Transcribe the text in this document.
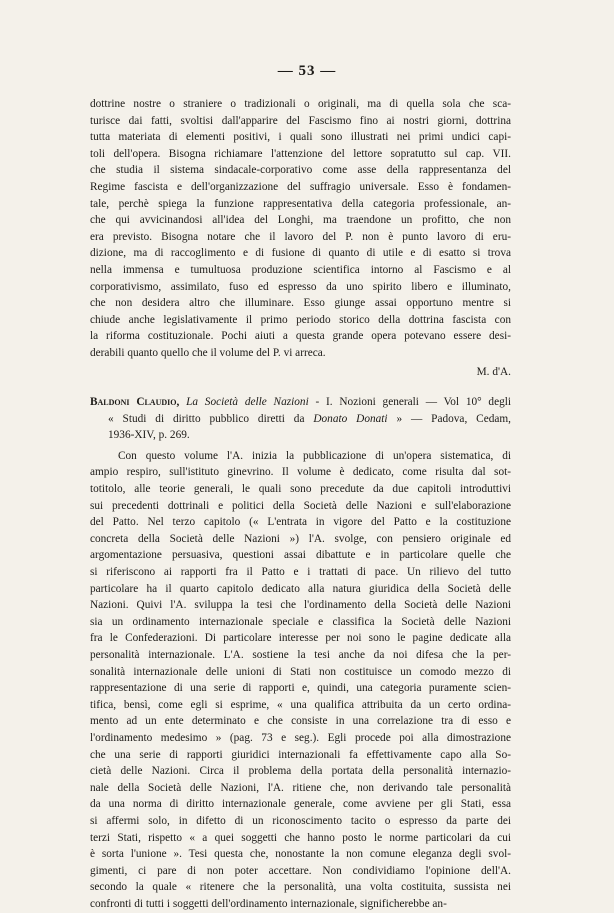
— 53 —
dottrine nostre o straniere o tradizionali o originali, ma di quella sola che sca-
turisce dai fatti, svoltisi dall'apparire del Fascismo fino ai nostri giorni, dottrina
tutta materiata di elementi positivi, i quali sono illustrati nei primi undici capi-
toli dell'opera. Bisogna richiamare l'attenzione del lettore sopratutto sul cap. VII.
che studia il sistema sindacale-corporativo come asse della rappresentanza del
Regime fascista e dell'organizzazione del suffragio universale. Esso è fondamen-
tale, perchè spiega la funzione rappresentativa della categoria professionale, an-
che qui avvicinandosi all'idea del Longhi, ma traendone un profitto, che non
era previsto. Bisogna notare che il lavoro del P. non è punto lavoro di eru-
dizione, ma di raccoglimento e di fusione di quanto di utile e di esatto si trova
nella immensa e tumultuosa produzione scientifica intorno al Fascismo e al
corporativismo, assimilato, fuso ed espresso da uno spirito libero e illuminato,
che non desidera altro che illuminare. Esso giunge assai opportuno mentre si
chiude anche legislativamente il primo periodo storico della dottrina fascista con
la riforma costituzionale. Pochi aiuti a questa grande opera potevano essere desi-
derabili quanto quello che il volume del P. vi arreca.
M. d'A.
Baldoni Claudio, La Società delle Nazioni - I. Nozioni generali — Vol 10° degli
« Studi di diritto pubblico diretti da Donato Donati » — Padova, Cedam,
1936-XIV, p. 269.
Con questo volume l'A. inizia la pubblicazione di un'opera sistematica, di
ampio respiro, sull'istituto ginevrino. Il volume è dedicato, come risulta dal sot-
totitolo, alle teorie generali, le quali sono precedute da due capitoli introduttivi
sui precedenti dottrinali e politici della Società delle Nazioni e sull'elaborazione
del Patto. Nel terzo capitolo (« L'entrata in vigore del Patto e la costituzione
concreta della Società delle Nazioni ») l'A. svolge, con pensiero originale ed
argomentazione persuasiva, questioni assai dibattute e in particolare quelle che
si riferiscono ai rapporti fra il Patto e i trattati di pace. Un rilievo del tutto
particolare ha il quarto capitolo dedicato alla natura giuridica della Società delle
Nazioni. Quivi l'A. sviluppa la tesi che l'ordinamento della Società delle Nazioni
sia un ordinamento internazionale speciale e classifica la Società delle Nazioni
fra le Confederazioni. Di particolare interesse per noi sono le pagine dedicate alla
personalità internazionale. L'A. sostiene la tesi anche da noi difesa che la per-
sonalità internazionale delle unioni di Stati non costituisce un comodo mezzo di
rappresentazione di una serie di rapporti e, quindi, una categoria puramente scien-
tifica, bensì, come egli si esprime, « una qualifica attribuita da un certo ordina-
mento ad un ente determinato e che consiste in una correlazione tra di esso e
l'ordinamento medesimo » (pag. 73 e seg.). Egli procede poi alla dimostrazione
che una serie di rapporti giuridici internazionali fa effettivamente capo alla So-
cietà delle Nazioni. Circa il problema della portata della personalità internazio-
nale della Società delle Nazioni, l'A. ritiene che, non derivando tale personalità
da una norma di diritto internazionale generale, come avviene per gli Stati, essa
si affermi solo, in difetto di un riconoscimento tacito o espresso da parte dei
terzi Stati, rispetto « a quei soggetti che hanno posto le norme particolari da cui
è sorta l'unione ». Tesi questa che, nonostante la non comune eleganza degli svol-
gimenti, ci pare di non poter accettare. Non condividiamo l'opinione dell'A.
secondo la quale « ritenere che la personalità, una volta costituita, sussista nei
confronti di tutti i soggetti dell'ordinamento internazionale, significherebbe an-
